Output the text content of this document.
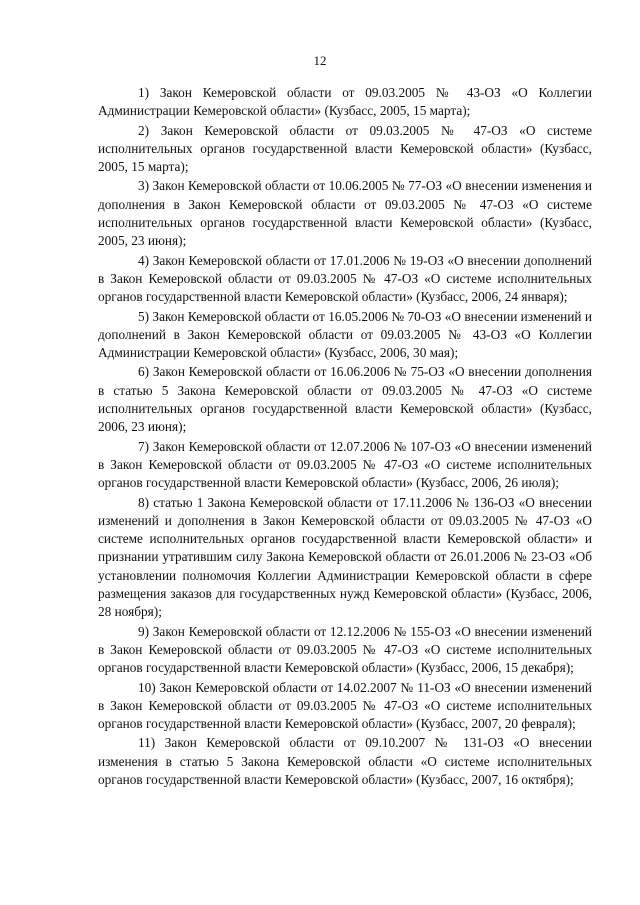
12

1) Закон Кемеровской области от 09.03.2005 № 43-ОЗ «О Коллегии Администрации Кемеровской области» (Кузбасс, 2005, 15 марта);

2) Закон Кемеровской области от 09.03.2005 № 47-ОЗ «О системе исполнительных органов государственной власти Кемеровской области» (Кузбасс, 2005, 15 марта);

3) Закон Кемеровской области от 10.06.2005 № 77-ОЗ «О внесении изменения и дополнения в Закон Кемеровской области от 09.03.2005 № 47-ОЗ «О системе исполнительных органов государственной власти Кемеровской области» (Кузбасс, 2005, 23 июня);

4) Закон Кемеровской области от 17.01.2006 № 19-ОЗ «О внесении дополнений в Закон Кемеровской области от 09.03.2005 № 47-ОЗ «О системе исполнительных органов государственной власти Кемеровской области» (Кузбасс, 2006, 24 января);

5) Закон Кемеровской области от 16.05.2006 № 70-ОЗ «О внесении изменений и дополнений в Закон Кемеровской области от 09.03.2005 № 43-ОЗ «О Коллегии Администрации Кемеровской области» (Кузбасс, 2006, 30 мая);

6) Закон Кемеровской области от 16.06.2006 № 75-ОЗ «О внесении дополнения в статью 5 Закона Кемеровской области от 09.03.2005 № 47-ОЗ «О системе исполнительных органов государственной власти Кемеровской области» (Кузбасс, 2006, 23 июня);

7) Закон Кемеровской области от 12.07.2006 № 107-ОЗ «О внесении изменений в Закон Кемеровской области от 09.03.2005 № 47-ОЗ «О системе исполнительных органов государственной власти Кемеровской области» (Кузбасс, 2006, 26 июля);

8) статью 1 Закона Кемеровской области от 17.11.2006 № 136-ОЗ «О внесении изменений и дополнения в Закон Кемеровской области от 09.03.2005 № 47-ОЗ «О системе исполнительных органов государственной власти Кемеровской области» и признании утратившим силу Закона Кемеровской области от 26.01.2006 № 23-ОЗ «Об установлении полномочия Коллегии Администрации Кемеровской области в сфере размещения заказов для государственных нужд Кемеровской области» (Кузбасс, 2006, 28 ноября);

9) Закон Кемеровской области от 12.12.2006 № 155-ОЗ «О внесении изменений в Закон Кемеровской области от 09.03.2005 № 47-ОЗ «О системе исполнительных органов государственной власти Кемеровской области» (Кузбасс, 2006, 15 декабря);

10) Закон Кемеровской области от 14.02.2007 № 11-ОЗ «О внесении изменений в Закон Кемеровской области от 09.03.2005 № 47-ОЗ «О системе исполнительных органов государственной власти Кемеровской области» (Кузбасс, 2007, 20 февраля);

11) Закон Кемеровской области от 09.10.2007 № 131-ОЗ «О внесении изменения в статью 5 Закона Кемеровской области «О системе исполнительных органов государственной власти Кемеровской области» (Кузбасс, 2007, 16 октября);
